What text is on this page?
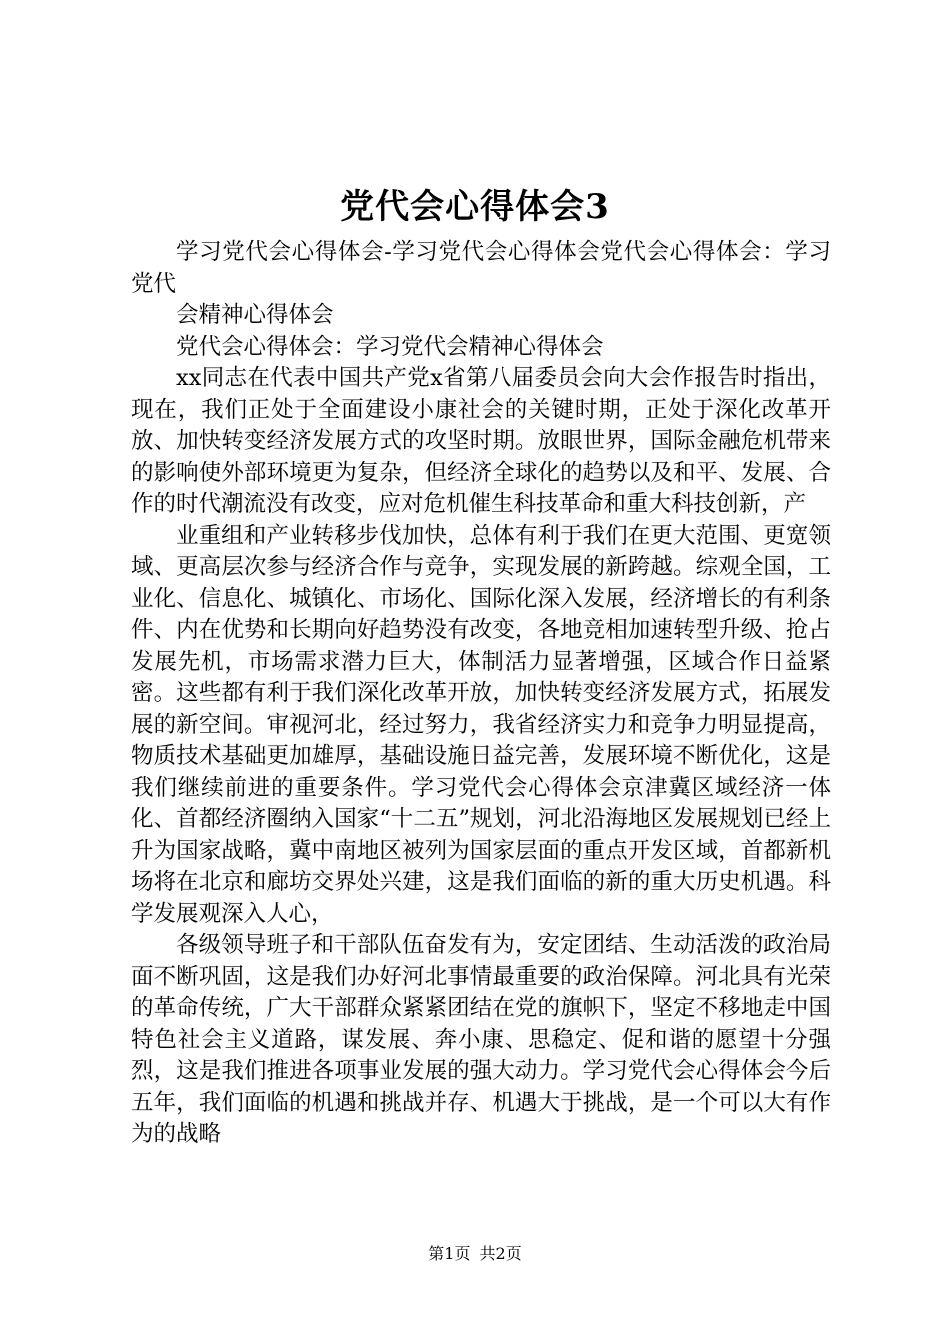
党代会心得体会3

学习党代会心得体会-学习党代会心得体会党代会心得体会：学习党代

会精神心得体会

党代会心得体会：学习党代会精神心得体会

xx同志在代表中国共产党x省第八届委员会向大会作报告时指出，现在，我们正处于全面建设小康社会的关键时期，正处于深化改革开放、加快转变经济发展方式的攻坚时期。放眼世界，国际金融危机带来的影响使外部环境更为复杂，但经济全球化的趋势以及和平、发展、合作的时代潮流没有改变，应对危机催生科技革命和重大科技创新，产

业重组和产业转移步伐加快，总体有利于我们在更大范围、更宽领域、更高层次参与经济合作与竞争，实现发展的新跨越。综观全国，工业化、信息化、城镇化、市场化、国际化深入发展，经济增长的有利条件、内在优势和长期向好趋势没有改变，各地竞相加速转型升级、抢占发展先机，市场需求潜力巨大，体制活力显著增强，区域合作日益紧密。这些都有利于我们深化改革开放，加快转变经济发展方式，拓展发展的新空间。审视河北，经过努力，我省经济实力和竞争力明显提高，物质技术基础更加雄厚，基础设施日益完善，发展环境不断优化，这是我们继续前进的重要条件。学习党代会心得体会京津冀区域经济一体化、首都经济圈纳入国家“十二五”规划，河北沿海地区发展规划已经上升为国家战略，冀中南地区被列为国家层面的重点开发区域，首都新机场将在北京和廊坊交界处兴建，这是我们面临的新的重大历史机遇。科学发展观深入人心，

各级领导班子和干部队伍奋发有为，安定团结、生动活泼的政治局面不断巩固，这是我们办好河北事情最重要的政治保障。河北具有光荣的革命传统，广大干部群众紧紧团结在党的旗帜下，坚定不移地走中国特色社会主义道路，谋发展、奔小康、思稳定、促和谐的愿望十分强烈，这是我们推进各项事业发展的强大动力。学习党代会心得体会今后五年，我们面临的机遇和挑战并存、机遇大于挑战，是一个可以大有作为的战略

第1页 共2页
